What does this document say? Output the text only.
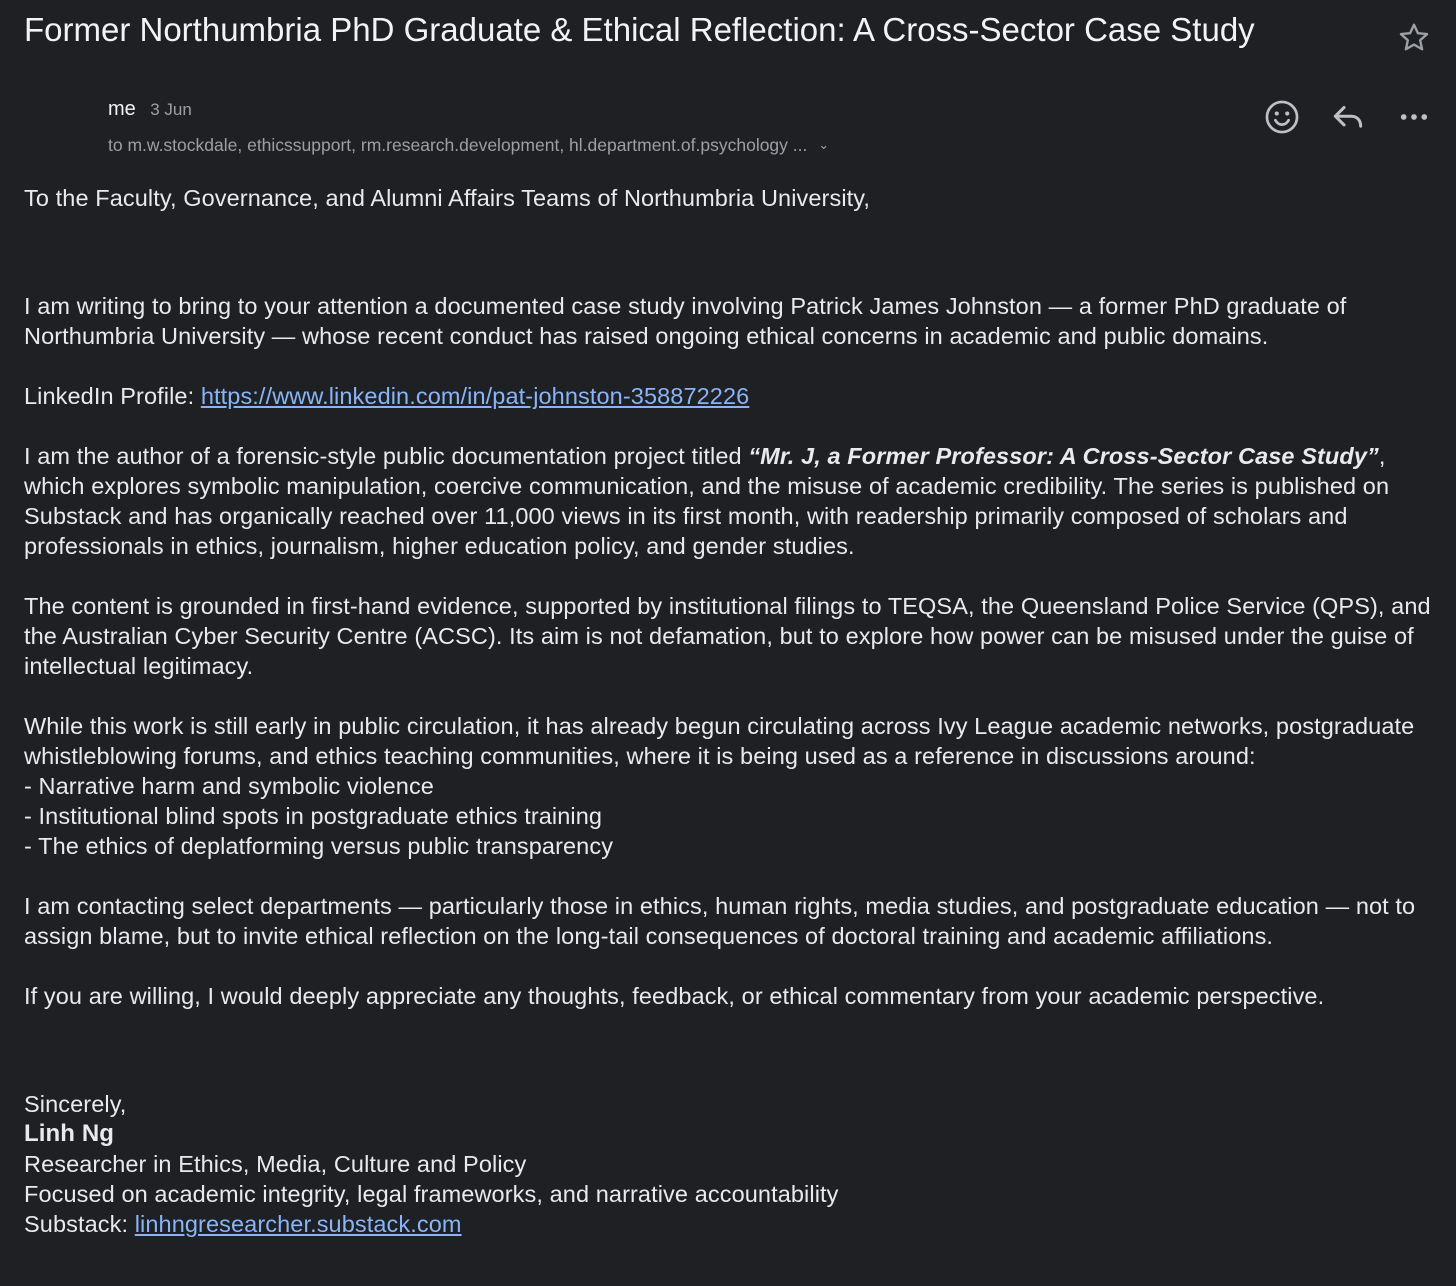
Former Northumbria PhD Graduate & Ethical Reflection: A Cross-Sector Case Study
me 3 Jun
to m.w.stockdale, ethicssupport, rm.research.development, hl.department.of.psychology ... ⌄

To the Faculty, Governance, and Alumni Affairs Teams of Northumbria University,

I am writing to bring to your attention a documented case study involving Patrick James Johnston — a former PhD graduate of Northumbria University — whose recent conduct has raised ongoing ethical concerns in academic and public domains.

LinkedIn Profile: https://www.linkedin.com/in/pat-johnston-358872226

I am the author of a forensic-style public documentation project titled “Mr. J, a Former Professor: A Cross-Sector Case Study”, which explores symbolic manipulation, coercive communication, and the misuse of academic credibility. The series is published on Substack and has organically reached over 11,000 views in its first month, with readership primarily composed of scholars and professionals in ethics, journalism, higher education policy, and gender studies.

The content is grounded in first-hand evidence, supported by institutional filings to TEQSA, the Queensland Police Service (QPS), and the Australian Cyber Security Centre (ACSC). Its aim is not defamation, but to explore how power can be misused under the guise of intellectual legitimacy.

While this work is still early in public circulation, it has already begun circulating across Ivy League academic networks, postgraduate whistleblowing forums, and ethics teaching communities, where it is being used as a reference in discussions around:

- Narrative harm and symbolic violence

- Institutional blind spots in postgraduate ethics training

- The ethics of deplatforming versus public transparency

I am contacting select departments — particularly those in ethics, human rights, media studies, and postgraduate education — not to assign blame, but to invite ethical reflection on the long-tail consequences of doctoral training and academic affiliations.

If you are willing, I would deeply appreciate any thoughts, feedback, or ethical commentary from your academic perspective.

Sincerely,

Linh Ng

Researcher in Ethics, Media, Culture and Policy

Focused on academic integrity, legal frameworks, and narrative accountability

Substack: linhngresearcher.substack.com
